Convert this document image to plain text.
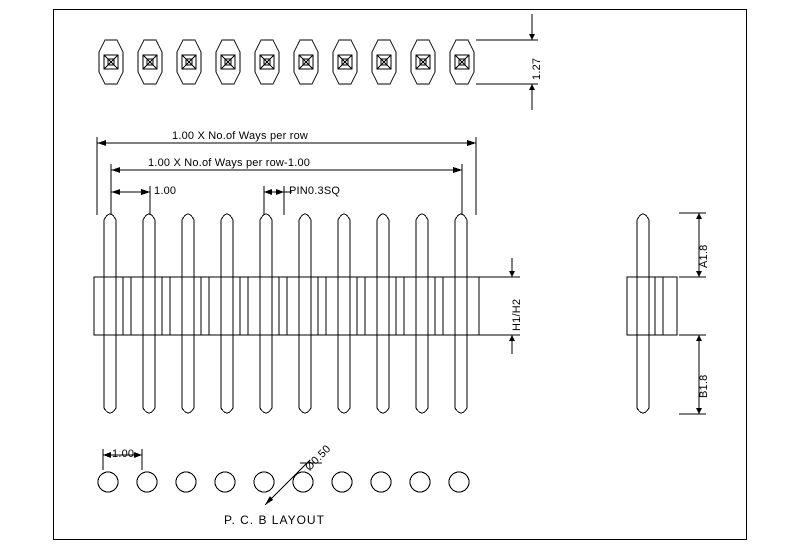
1.27
1.00 X No.of Ways per row
1.00 X No.of Ways per row-1.00
1.00	PIN0.3SQ
H1/H2
A1.8
B1.8
1.00	Ø0.50
P. C. B LAYOUT
